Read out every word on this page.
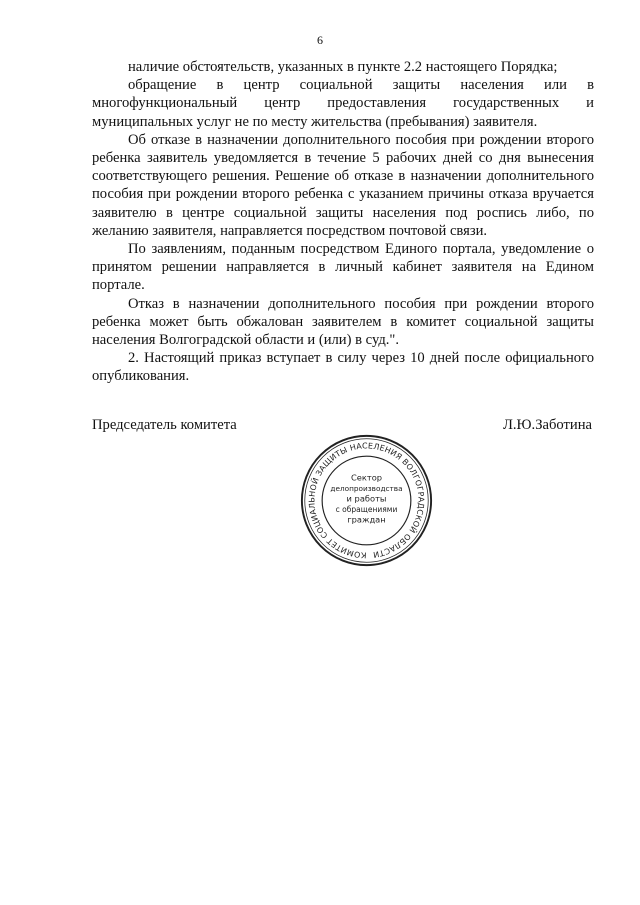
6

наличие обстоятельств, указанных в пункте 2.2 настоящего Порядка;

обращение в центр социальной защиты населения или в многофункциональный центр предоставления государственных и муниципальных услуг не по месту жительства (пребывания) заявителя.

Об отказе в назначении дополнительного пособия при рождении второго ребенка заявитель уведомляется в течение 5 рабочих дней со дня вынесения соответствующего решения. Решение об отказе в назначении дополнительного пособия при рождении второго ребенка с указанием причины отказа вручается заявителю в центре социальной защиты населения под роспись либо, по желанию заявителя, направляется посредством почтовой связи.

По заявлениям, поданным посредством Единого портала, уведомление о принятом решении направляется в личный кабинет заявителя на Едином портале.

Отказ в назначении дополнительного пособия при рождении второго ребенка может быть обжалован заявителем в комитет социальной защиты населения Волгоградской области и (или) в суд.".

2. Настоящий приказ вступает в силу через 10 дней после официального опубликования.

Председатель комитета	Л.Ю.Заботина
КОМИТЕТ СОЦИАЛЬНОЙ ЗАЩИТЫ НАСЕЛЕНИЯ ВОЛГОГРАДСКОЙ ОБЛАСТИ
Сектор
делопроизводства
и работы
с обращениями
граждан
